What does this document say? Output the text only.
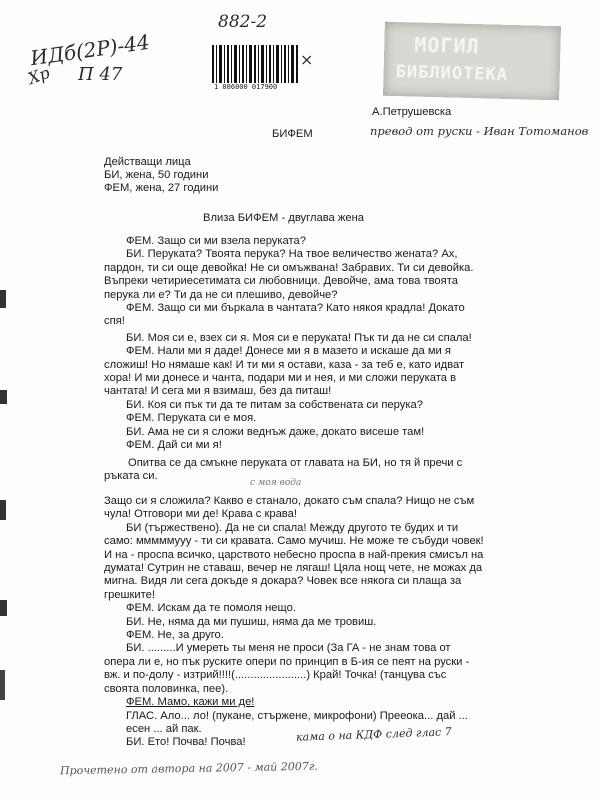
ИДб(2Р)-44
Хр П 47
882-2
1 006000 017900
×
МОГИЛ
БИБЛИОТЕКА
А.Петрушевска
БИФЕМ	превод от руски - Иван Тотоманов
Действащи лица
БИ, жена, 50 години
ФЕМ, жена, 27 години
Влиза БИФЕМ - двуглава жена

ФЕМ. Защо си ми взела перуката?

БИ. Перуката? Твоята перука? На твое величество жената? Ах,

пардон, ти си още девойка! Не си омъжвана! Забравих. Ти си девойка.

Въпреки четириесетимата си любовници. Девойче, ама това твоята

перука ли е? Ти да не си плешиво, девойче?

ФЕМ. Защо си ми бъркала в чантата? Като някоя крадла! Докато

спя!

БИ. Моя си е, взех си я. Моя си е перуката! Пък ти да не си спала!

ФЕМ. Нали ми я даде! Донесе ми я в мазето и искаше да ми я

сложиш! Но нямаше как! И ти ми я остави, каза - за теб е, като идват

хора! И ми донесе и чанта, подари ми и нея, и ми сложи перуката в

чантата! И сега ми я взимаш, без да питаш!

БИ. Коя си пък ти да те питам за собствената си перука?

ФЕМ. Перуката си е моя.

БИ. Ама не си я сложи веднъж даже, докато висеше там!

ФЕМ. Дай си ми я!

Опитва се да смъкне перуката от главата на БИ, но тя й пречи с
ръката си.
с моя вода

Защо си я сложила? Какво е станало, докато съм спала? Нищо не съм

чула! Отговори ми де! Крава с крава!

БИ (тържествено). Да не си спала! Между другото те будих и ти

само: мммммууу - ти си кравата. Само мучиш. Не може те събуди човек!

И на - проспа всичко, царството небесно проспа в най-прекия смисъл на

думата! Сутрин не ставаш, вечер не лягаш! Цяла нощ чете, не можах да

мигна. Видя ли сега докъде я докара? Човек все някога си плаща за

грешките!

ФЕМ. Искам да те помоля нещо.

БИ. Не, няма да ми пушиш, няма да ме тровиш.

ФЕМ. Не, за друго.

БИ. .........И умереть ты меня не проси (За ГА - не знам това от

опера ли е, но пък руските опери по принцип в Б-ия се пеят на руски -

вж. и по-долу - изтрий!!!!(.......................) Край! Точка! (танцува със

своята половинка, пее).

ФЕМ. Мамо, кажи ми де!

ГЛАС. Ало... ло! (пукане, стържене, микрофони) Прееока... дай ...

есен ... ай пак.

БИ. Ето! Почва! Почва!	кама о на КДФ след глас 7
Прочетено от автора на 2007 - май 2007г.
